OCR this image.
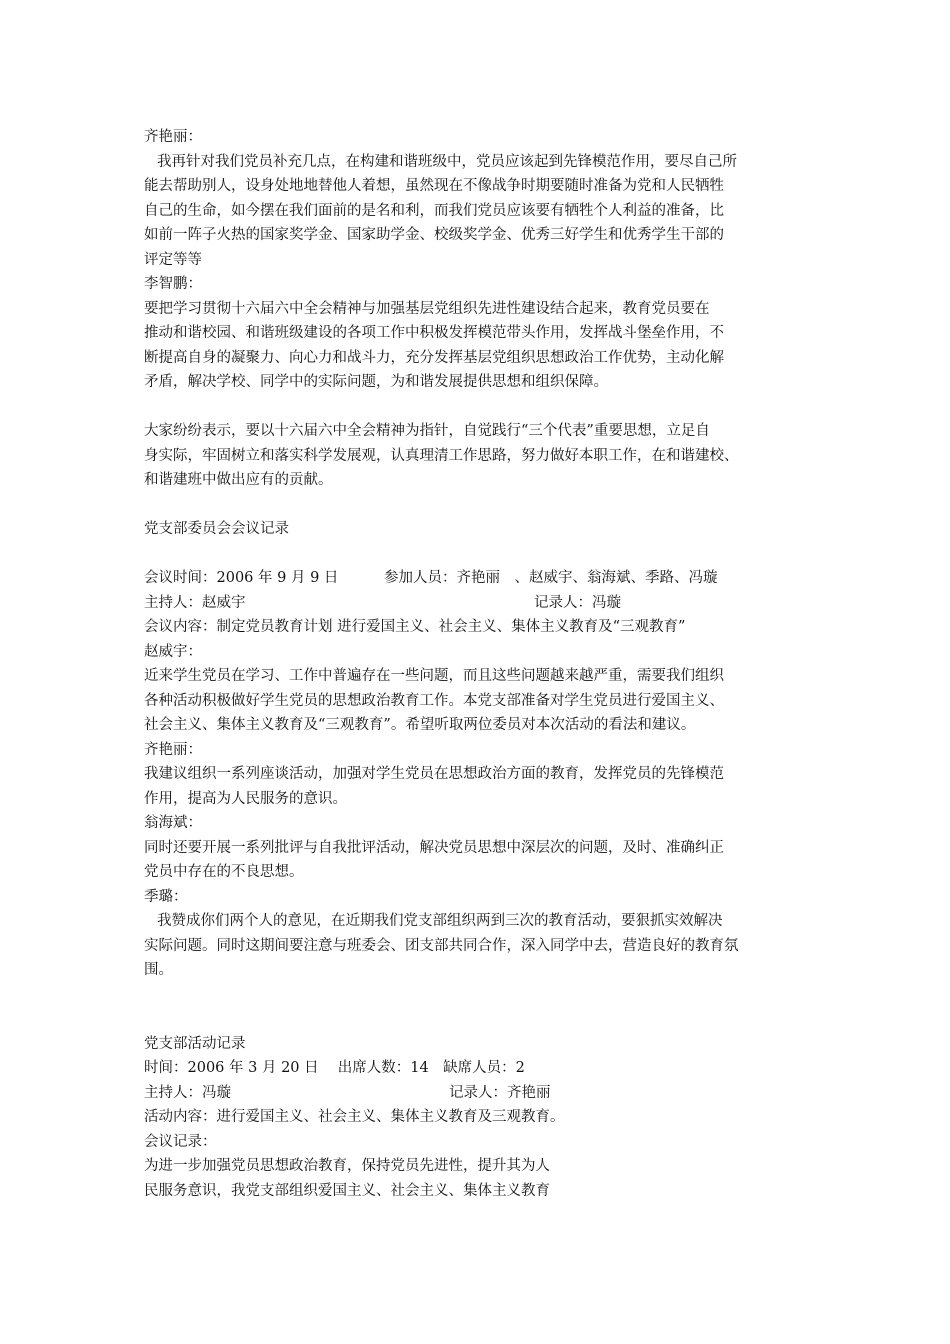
齐艳丽：
我再针对我们党员补充几点，在构建和谐班级中，党员应该起到先锋模范作用，要尽自己所
能去帮助别人，设身处地地替他人着想，虽然现在不像战争时期要随时准备为党和人民牺牲
自己的生命，如今摆在我们面前的是名和利，而我们党员应该要有牺牲个人利益的准备，比
如前一阵子火热的国家奖学金、国家助学金、校级奖学金、优秀三好学生和优秀学生干部的
评定等等
李智鹏：
要把学习贯彻十六届六中全会精神与加强基层党组织先进性建设结合起来，教育党员要在
推动和谐校园、和谐班级建设的各项工作中积极发挥模范带头作用，发挥战斗堡垒作用，不
断提高自身的凝聚力、向心力和战斗力，充分发挥基层党组织思想政治工作优势，主动化解
矛盾，解决学校、同学中的实际问题，为和谐发展提供思想和组织保障。
大家纷纷表示，要以十六届六中全会精神为指针，自觉践行“三个代表”重要思想，立足自
身实际，牢固树立和落实科学发展观，认真理清工作思路，努力做好本职工作，在和谐建校、
和谐建班中做出应有的贡献。
党支部委员会会议记录
会议时间：2006 年 9 月 9 日	参加人员：齐艳丽　、赵威宇、翁海斌、季路、冯璇
主持人：赵威宇	记录人：冯璇
会议内容：制定党员教育计划 进行爱国主义、社会主义、集体主义教育及“三观教育”
赵威宇：
近来学生党员在学习、工作中普遍存在一些问题，而且这些问题越来越严重，需要我们组织
各种活动积极做好学生党员的思想政治教育工作。本党支部准备对学生党员进行爱国主义、
社会主义、集体主义教育及“三观教育”。希望听取两位委员对本次活动的看法和建议。
齐艳丽：
我建议组织一系列座谈活动，加强对学生党员在思想政治方面的教育，发挥党员的先锋模范
作用，提高为人民服务的意识。
翁海斌：
同时还要开展一系列批评与自我批评活动，解决党员思想中深层次的问题，及时、准确纠正
党员中存在的不良思想。
季璐：
我赞成你们两个人的意见，在近期我们党支部组织两到三次的教育活动，要狠抓实效解决
实际问题。同时这期间要注意与班委会、团支部共同合作，深入同学中去，营造良好的教育氛
围。
党支部活动记录
时间：2006 年 3 月 20 日　 出席人数：14　缺席人员：2
主持人：冯璇	记录人：齐艳丽
活动内容：进行爱国主义、社会主义、集体主义教育及三观教育。
会议记录：
为进一步加强党员思想政治教育，保持党员先进性，提升其为人
民服务意识，我党支部组织爱国主义、社会主义、集体主义教育
